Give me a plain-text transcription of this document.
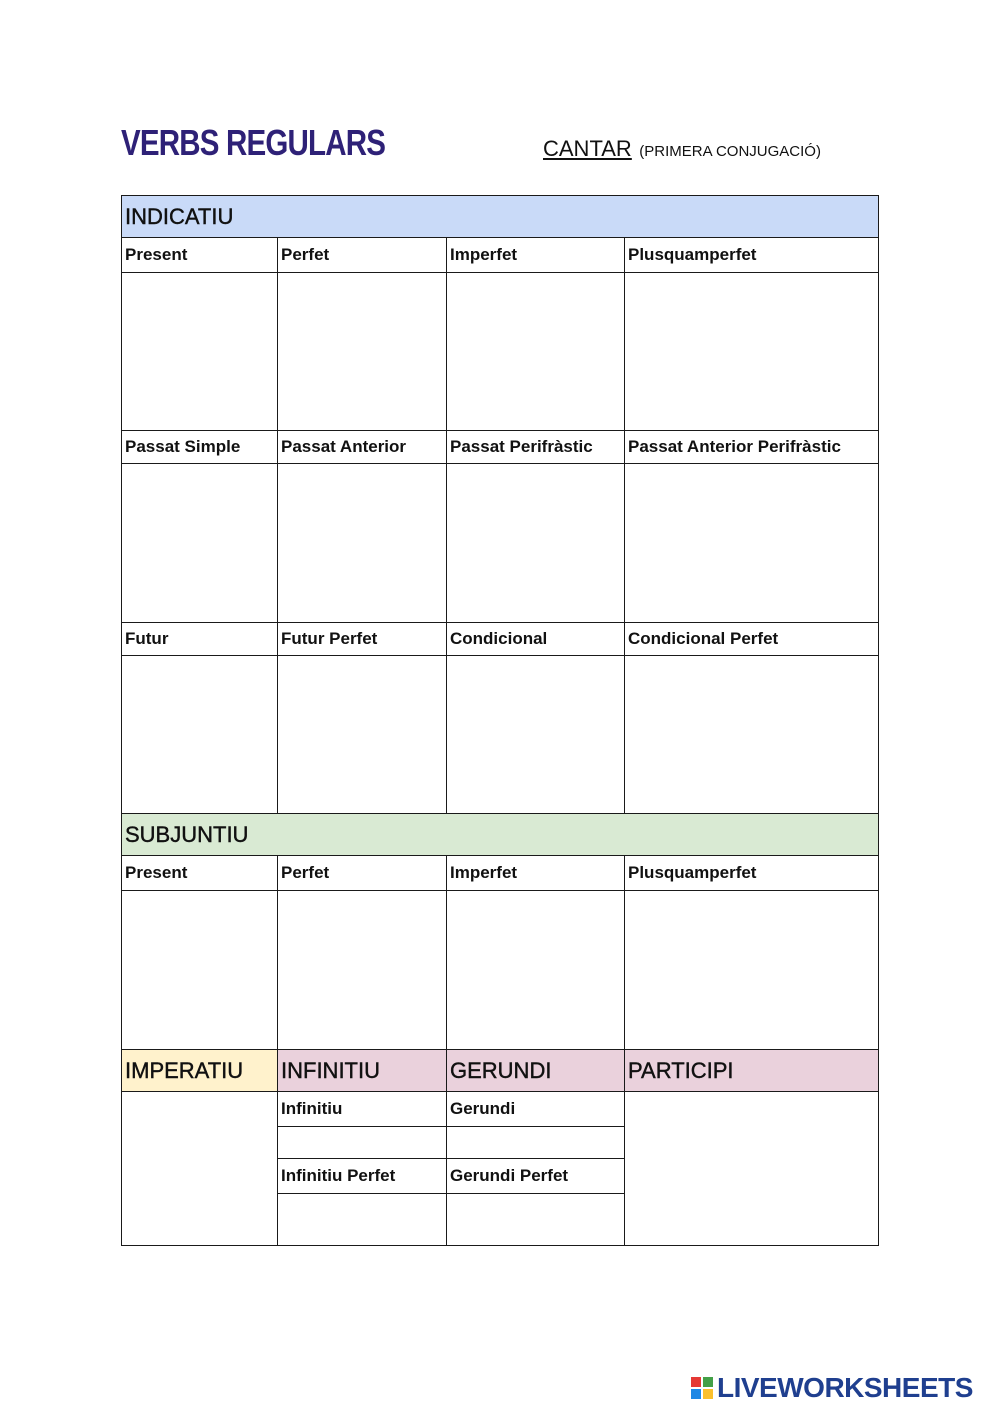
VERBS REGULARS	CANTAR (PRIMERA CONJUGACIÓ)
INDICATIU			
Present	Perfet	Imperfet	Plusquamperfet

Passat Simple	Passat Anterior	Passat Perifràstic	Passat Anterior Perifràstic

Futur	Futur Perfet	Condicional	Condicional Perfet

SUBJUNTIU			
Present	Perfet	Imperfet	Plusquamperfet

IMPERATIU	INFINITIU	GERUNDI	PARTICIPI
	Infinitiu	Gerundi	

	Infinitiu Perfet	Gerundi Perfet	

LIVEWORKSHEETS
